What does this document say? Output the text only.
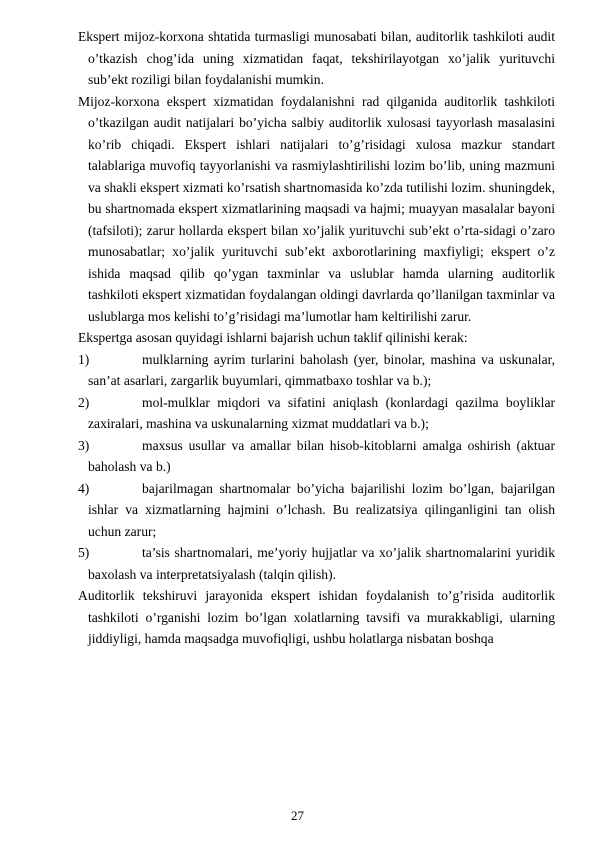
Ekspert mijoz-korxona shtatida turmasligi munosabati bilan, auditorlik tashkiloti audit o’tkazish chog’ida uning xizmatidan faqat, tekshirilayotgan xo’jalik yurituvchi sub’ekt roziligi bilan foydalanishi mumkin.

Mijoz-korxona ekspert xizmatidan foydalanishni rad qilganida auditorlik tashkiloti o’tkazilgan audit natijalari bo’yicha salbiy auditorlik xulosasi tayyorlash masalasini ko’rib chiqadi. Ekspert ishlari natijalari to’g’risidagi xulosa mazkur standart talablariga muvofiq tayyorlanishi va rasmiylashtirilishi lozim bo’lib, uning mazmuni va shakli ekspert xizmati ko’rsatish shartnomasida ko’zda tutilishi lozim. shuningdek, bu shartnomada ekspert xizmatlarining maqsadi va hajmi; muayyan masalalar bayoni (tafsiloti); zarur hollarda ekspert bilan xo’jalik yurituvchi sub’ekt o’rta-sidagi o’zaro munosabatlar; xo’jalik yurituvchi sub’ekt axborotlarining maxfiyligi; ekspert o’z ishida maqsad qilib qo’ygan taxminlar va uslublar hamda ularning auditorlik tashkiloti ekspert xizmatidan foydalangan oldingi davrlarda qo’llanilgan taxminlar va uslublarga mos kelishi to’g’risidagi ma’lumotlar ham keltirilishi zarur.

Ekspertga asosan quyidagi ishlarni bajarish uchun taklif qilinishi kerak:

1)	mulklarning ayrim turlarini baholash (yer, binolar, mashina va uskunalar, san’at asarlari, zargarlik buyumlari, qimmatbaxo toshlar va b.);

2)	mol-mulklar miqdori va sifatini aniqlash (konlardagi qazilma boyliklar zaxiralari, mashina va uskunalarning xizmat muddatlari va b.);

3)	maxsus usullar va amallar bilan hisob-kitoblarni amalga oshirish (aktuar baholash va b.)

4)	bajarilmagan shartnomalar bo’yicha bajarilishi lozim bo’lgan, bajarilgan ishlar va xizmatlarning hajmini o’lchash. Bu realizatsiya qilinganligini tan olish uchun zarur;

5)	ta’sis shartnomalari, me’yoriy hujjatlar va xo’jalik shartnomalarini yuridik baxolash va interpretatsiyalash (talqin qilish).

Auditorlik tekshiruvi jarayonida ekspert ishidan foydalanish to’g’risida auditorlik tashkiloti o’rganishi lozim bo’lgan xolatlarning tavsifi va murakkabligi, ularning jiddiyligi, hamda maqsadga muvofiqligi, ushbu holatlarga nisbatan boshqa

27
